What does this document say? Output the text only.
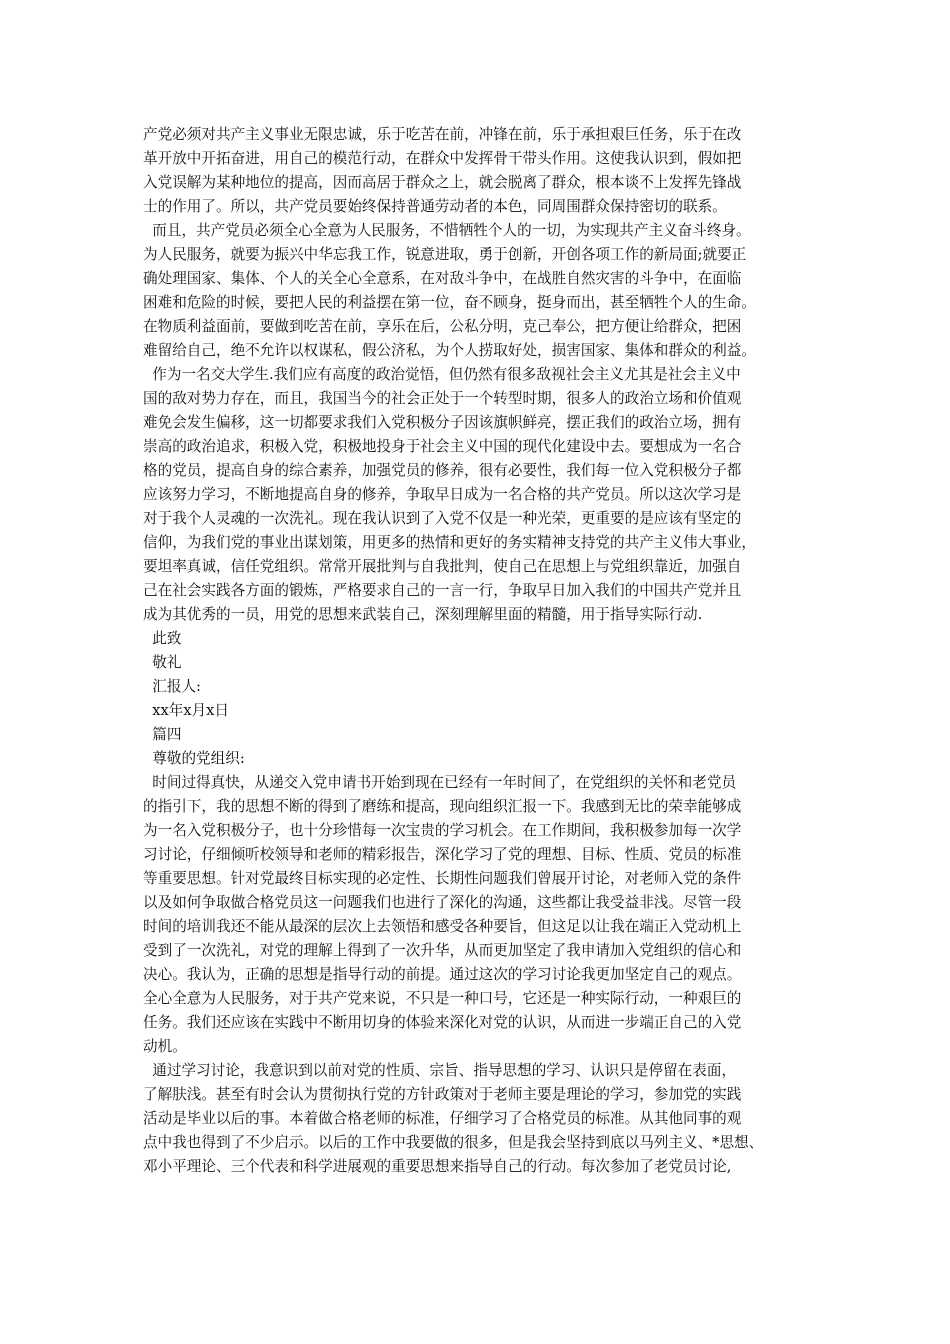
产党必须对共产主义事业无限忠诚，乐于吃苦在前，冲锋在前，乐于承担艰巨任务，乐于在改
革开放中开拓奋进，用自己的模范行动，在群众中发挥骨干带头作用。这使我认识到，假如把
入党误解为某种地位的提高，因而高居于群众之上，就会脱离了群众，根本谈不上发挥先锋战
士的作用了。所以，共产党员要始终保持普通劳动者的本色，同周围群众保持密切的联系。
而且，共产党员必须全心全意为人民服务，不惜牺牲个人的一切，为实现共产主义奋斗终身。
为人民服务，就要为振兴中华忘我工作，锐意进取，勇于创新，开创各项工作的新局面;就要正
确处理国家、集体、个人的关全心全意系，在对敌斗争中，在战胜自然灾害的斗争中，在面临
困难和危险的时候，要把人民的利益摆在第一位，奋不顾身，挺身而出，甚至牺牲个人的生命。
在物质利益面前，要做到吃苦在前，享乐在后，公私分明，克己奉公，把方便让给群众，把困
难留给自己，绝不允许以权谋私，假公济私，为个人捞取好处，损害国家、集体和群众的利益。
作为一名交大学生.我们应有高度的政治觉悟，但仍然有很多敌视社会主义尤其是社会主义中
国的敌对势力存在，而且，我国当今的社会正处于一个转型时期，很多人的政治立场和价值观
难免会发生偏移，这一切都要求我们入党积极分子因该旗帜鲜亮，摆正我们的政治立场，拥有
崇高的政治追求，积极入党，积极地投身于社会主义中国的现代化建设中去。要想成为一名合
格的党员，提高自身的综合素养，加强党员的修养，很有必要性，我们每一位入党积极分子都
应该努力学习，不断地提高自身的修养，争取早日成为一名合格的共产党员。所以这次学习是
对于我个人灵魂的一次洗礼。现在我认识到了入党不仅是一种光荣，更重要的是应该有坚定的
信仰，为我们党的事业出谋划策，用更多的热情和更好的务实精神支持党的共产主义伟大事业，
要坦率真诚，信任党组织。常常开展批判与自我批判，使自己在思想上与党组织靠近，加强自
己在社会实践各方面的锻炼，严格要求自己的一言一行，争取早日加入我们的中国共产党并且
成为其优秀的一员，用党的思想来武装自己，深刻理解里面的精髓，用于指导实际行动.
此致
敬礼
汇报人:
xx年x月x日
篇四
尊敬的党组织:
时间过得真快，从递交入党申请书开始到现在已经有一年时间了，在党组织的关怀和老党员
的指引下，我的思想不断的得到了磨练和提高，现向组织汇报一下。我感到无比的荣幸能够成
为一名入党积极分子，也十分珍惜每一次宝贵的学习机会。在工作期间，我积极参加每一次学
习讨论，仔细倾听校领导和老师的精彩报告，深化学习了党的理想、目标、性质、党员的标准
等重要思想。针对党最终目标实现的必定性、长期性问题我们曾展开讨论，对老师入党的条件
以及如何争取做合格党员这一问题我们也进行了深化的沟通，这些都让我受益非浅。尽管一段
时间的培训我还不能从最深的层次上去领悟和感受各种要旨，但这足以让我在端正入党动机上
受到了一次洗礼，对党的理解上得到了一次升华，从而更加坚定了我申请加入党组织的信心和
决心。我认为，正确的思想是指导行动的前提。通过这次的学习讨论我更加坚定自己的观点。
全心全意为人民服务，对于共产党来说，不只是一种口号，它还是一种实际行动，一种艰巨的
任务。我们还应该在实践中不断用切身的体验来深化对党的认识，从而进一步端正自己的入党
动机。
通过学习讨论，我意识到以前对党的性质、宗旨、指导思想的学习、认识只是停留在表面，
了解肤浅。甚至有时会认为贯彻执行党的方针政策对于老师主要是理论的学习，参加党的实践
活动是毕业以后的事。本着做合格老师的标准，仔细学习了合格党员的标准。从其他同事的观
点中我也得到了不少启示。以后的工作中我要做的很多，但是我会坚持到底以马列主义、*思想、
邓小平理论、三个代表和科学进展观的重要思想来指导自己的行动。每次参加了老党员讨论,
